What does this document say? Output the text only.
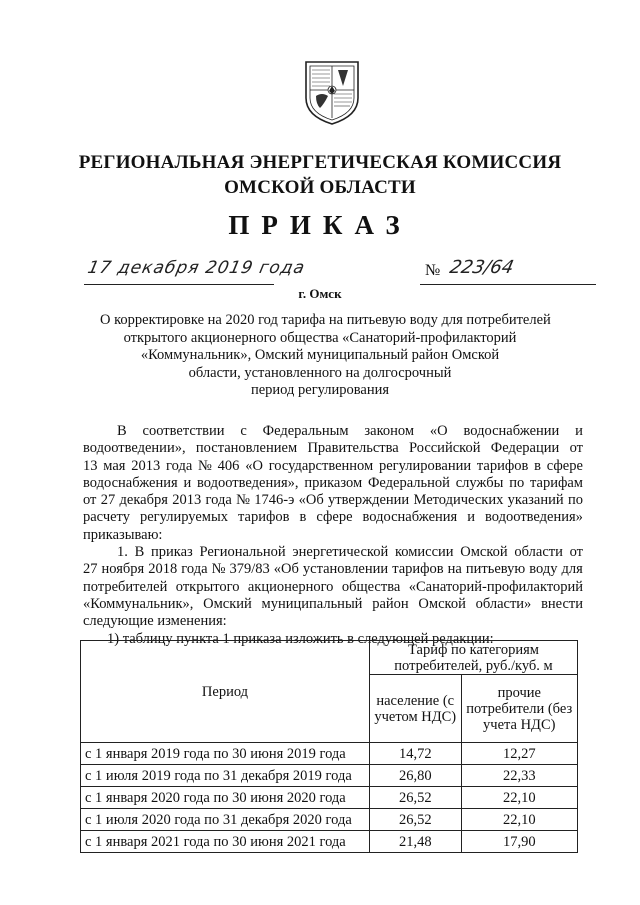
РЕГИОНАЛЬНАЯ ЭНЕРГЕТИЧЕСКАЯ КОМИССИЯ
ОМСКОЙ ОБЛАСТИ
ПРИКАЗ
17 декабря 2019 года	№ 223/64
г. Омск
О корректировке на 2020 год тарифа на питьевую воду для потребителей
открытого акционерного общества «Санаторий-профилакторий
«Коммунальник», Омский муниципальный район Омской
области, установленного на долгосрочный
период регулирования
В соответствии с Федеральным законом «О водоснабжении и
водоотведении», постановлением Правительства Российской Федерации от
13 мая 2013 года № 406 «О государственном регулировании тарифов в сфере
водоснабжения и водоотведения», приказом Федеральной службы по тарифам
от 27 декабря 2013 года № 1746-э «Об утверждении Методических указаний по
расчету регулируемых тарифов в сфере водоснабжения и водоотведения»
приказываю:
1. В приказ Региональной энергетической комиссии Омской области от
27 ноября 2018 года № 379/83 «Об установлении тарифов на питьевую воду для
потребителей открытого акционерного общества «Санаторий-профилакторий
«Коммунальник», Омский муниципальный район Омской области» внести
следующие изменения:
1) таблицу пункта 1 приказа изложить в следующей редакции:
Период	Тариф по категориям потребителей, руб./куб. м	
	население (с учетом НДС)	прочие потребители (без учета НДС)
с 1 января 2019 года по 30 июня 2019 года	14,72	12,27
с 1 июля 2019 года по 31 декабря 2019 года	26,80	22,33
с 1 января 2020 года по 30 июня 2020 года	26,52	22,10
с 1 июля 2020 года по 31 декабря 2020 года	26,52	22,10
с 1 января 2021 года по 30 июня 2021 года	21,48	17,90
